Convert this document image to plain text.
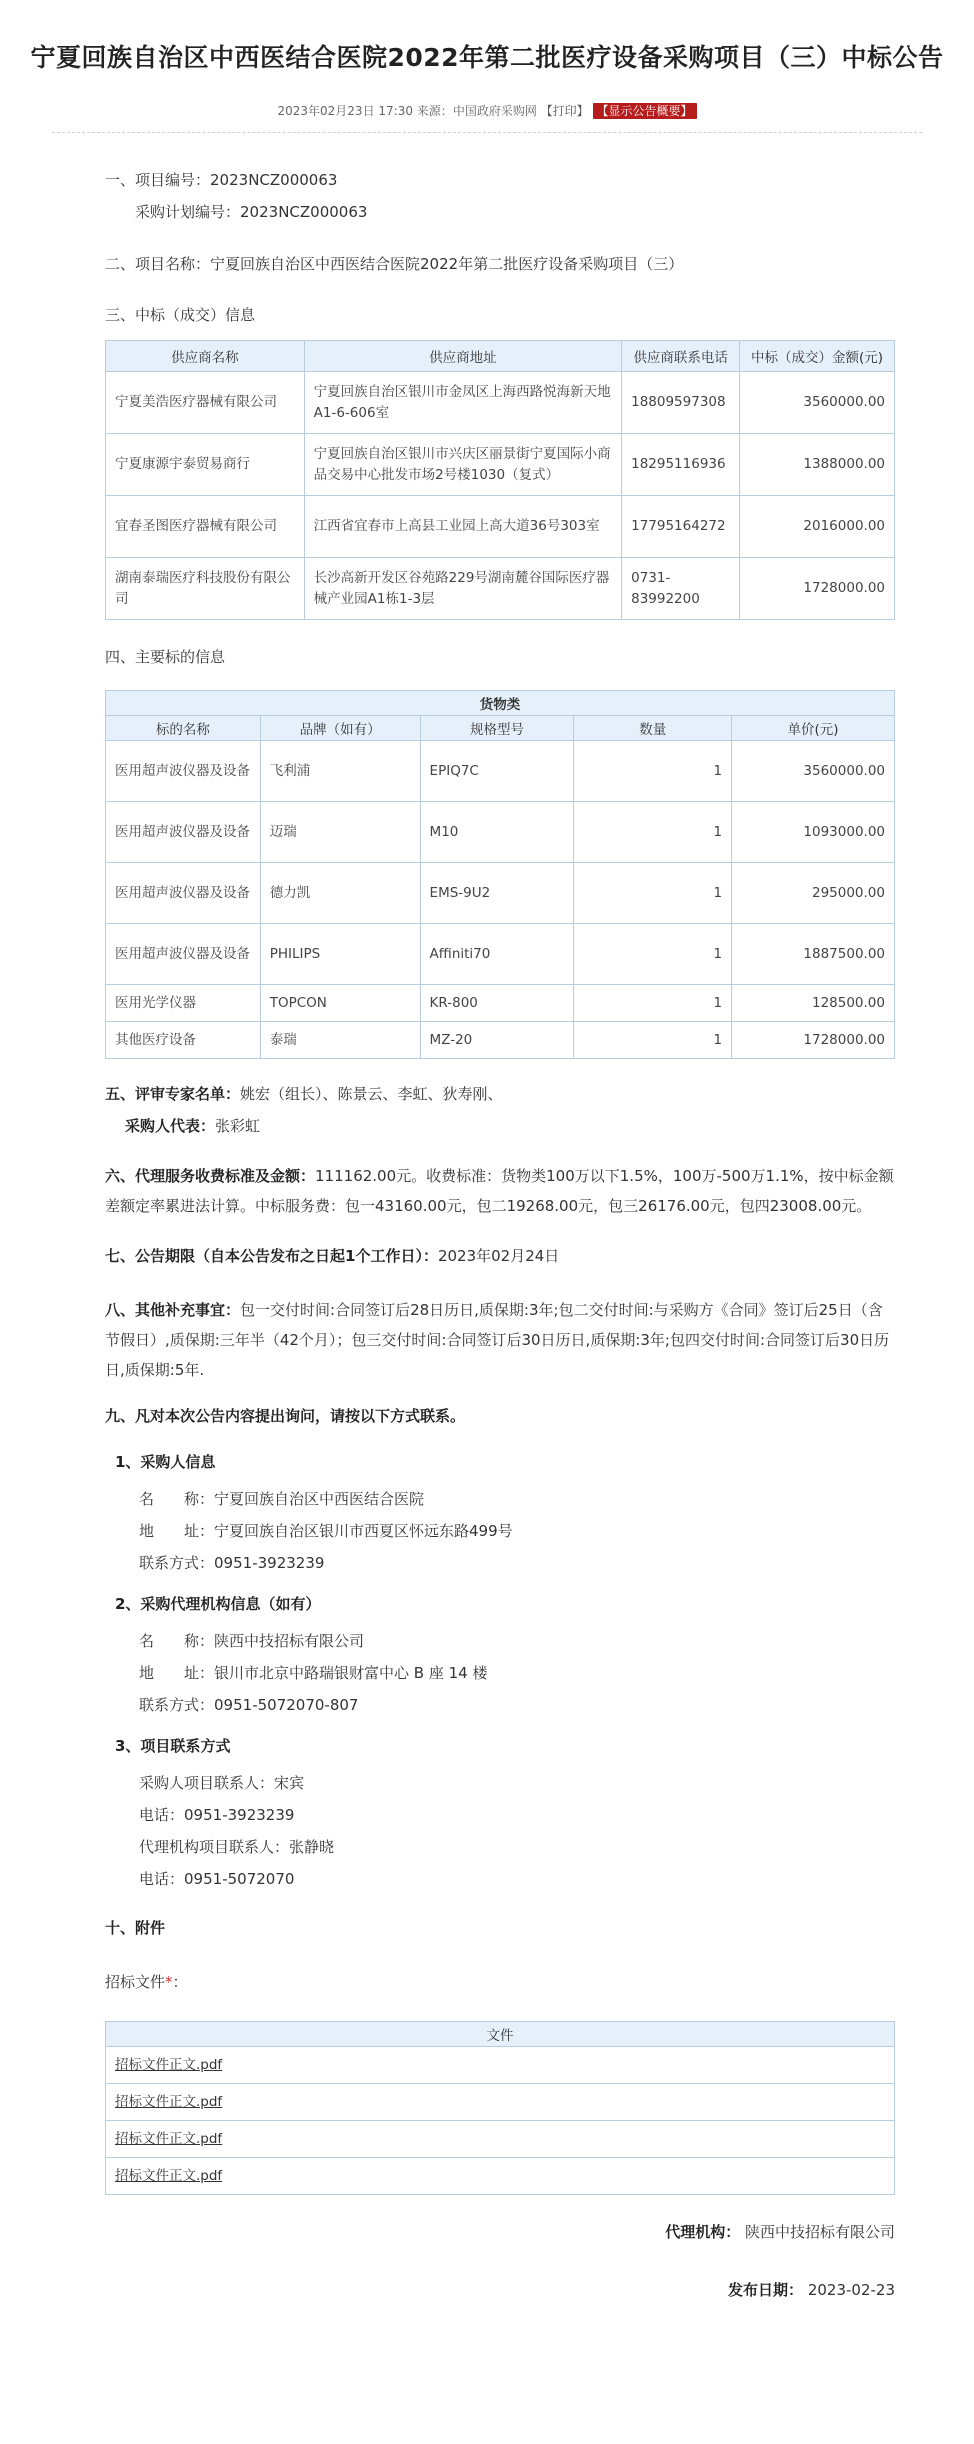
宁夏回族自治区中西医结合医院2022年第二批医疗设备采购项目（三）中标公告
2023年02月23日 17:30 来源：中国政府采购网 【打印】 【显示公告概要】
一、项目编号：2023NCZ000063
采购计划编号：2023NCZ000063
二、项目名称：宁夏回族自治区中西医结合医院2022年第二批医疗设备采购项目（三）
三、中标（成交）信息
供应商名称	供应商地址	供应商联系电话	中标（成交）金额(元)
宁夏美浩医疗器械有限公司	宁夏回族自治区银川市金凤区上海西路悦海新天地A1-6-606室	18809597308	3560000.00
宁夏康源宇泰贸易商行	宁夏回族自治区银川市兴庆区丽景街宁夏国际小商品交易中心批发市场2号楼1030（复式）	18295116936	1388000.00
宜春圣图医疗器械有限公司	江西省宜春市上高县工业园上高大道36号303室	17795164272	2016000.00
湖南泰瑞医疗科技股份有限公司	长沙高新开发区谷苑路229号湖南麓谷国际医疗器械产业园A1栋1-3层	0731-83992200	1728000.00
四、主要标的信息
货物类				
标的名称	品牌（如有）	规格型号	数量	单价(元)
医用超声波仪器及设备	飞利浦	EPIQ7C	1	3560000.00
医用超声波仪器及设备	迈瑞	M10	1	1093000.00
医用超声波仪器及设备	德力凯	EMS-9U2	1	295000.00
医用超声波仪器及设备	PHILIPS	Affiniti70	1	1887500.00
医用光学仪器	TOPCON	KR-800	1	128500.00
其他医疗设备	泰瑞	MZ-20	1	1728000.00
五、评审专家名单：姚宏（组长）、陈景云、李虹、狄寿刚、
采购人代表：张彩虹
六、代理服务收费标准及金额：111162.00元。收费标准：货物类100万以下1.5%，100万-500万1.1%，按中标金额差额定率累进法计算。中标服务费：包一43160.00元，包二19268.00元，包三26176.00元，包四23008.00元。
七、公告期限（自本公告发布之日起1个工作日）：2023年02月24日
八、其他补充事宜：包一交付时间:合同签订后28日历日,质保期:3年;包二交付时间:与采购方《合同》签订后25日（含节假日）,质保期:三年半（42个月）；包三交付时间:合同签订后30日历日,质保期:3年;包四交付时间:合同签订后30日历日,质保期:5年.
九、凡对本次公告内容提出询问，请按以下方式联系。
1、采购人信息
名　　称：宁夏回族自治区中西医结合医院
地　　址：宁夏回族自治区银川市西夏区怀远东路499号
联系方式：0951-3923239
2、采购代理机构信息（如有）
名　　称：陕西中技招标有限公司
地　　址：银川市北京中路瑞银财富中心 B 座 14 楼
联系方式：0951-5072070-807
3、项目联系方式
采购人项目联系人：宋宾
电话：0951-3923239
代理机构项目联系人：张静晓
电话：0951-5072070
十、附件
招标文件*：
文件
招标文件正文.pdf
招标文件正文.pdf
招标文件正文.pdf
招标文件正文.pdf
代理机构： 陕西中技招标有限公司
发布日期： 2023-02-23
